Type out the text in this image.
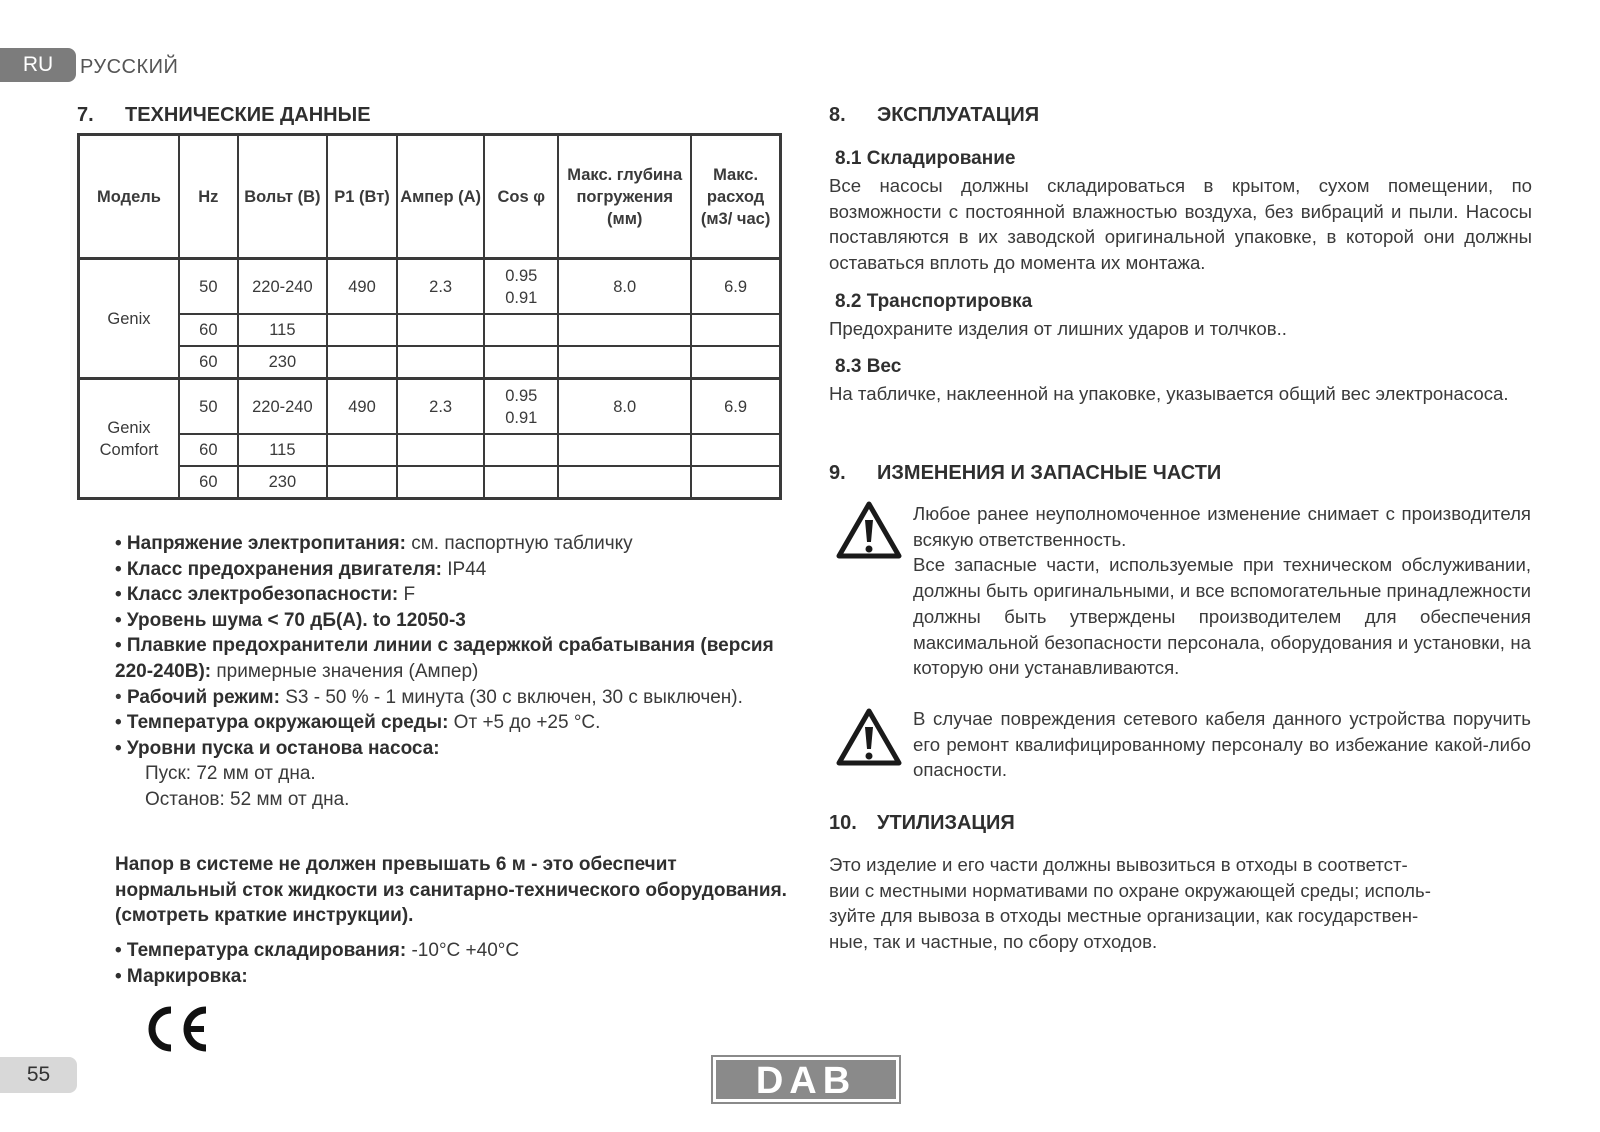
RU	РУССКИЙ
7. ТЕХНИЧЕСКИЕ ДАННЫЕ
Модель	Hz	Вольт (В)	P1 (Вт)	Ампер (А)	Cos φ	Макс. глубина погружения (мм)	Макс. расход (м3/ час)
Genix	50	220-240	490	2.3	0.95 0.91	8.0	6.9
	60	115					
	60	230					
Genix Comfort	50	220-240	490	2.3	0.95 0.91	8.0	6.9
	60	115					
	60	230					
• Напряжение электропитания: см. паспортную табличку
• Класс предохранения двигателя: IP44
• Класс электробезопасности: F
• Уровень шума < 70 дБ(А). to 12050-3
• Плавкие предохранители линии с задержкой срабатывания (версия 220-240В): примерные значения (Ампер)
• Рабочий режим: S3 - 50 % - 1 минута (30 с включен, 30 с выключен).
• Температура окружающей среды: От +5 до +25 °С.
• Уровни пуска и останова насоса:
Пуск: 72 мм от дна.
Останов: 52 мм от дна.
Напор в системе не должен превышать 6 м - это обеспечит нормальный сток жидкости из санитарно-технического оборудования. (смотреть краткие инструкции).
• Температура складирования: -10°С +40°С
• Маркировка:
8. ЭКСПЛУАТАЦИЯ
8.1 Складирование
Все насосы должны складироваться в крытом, сухом помещении, по возможности с постоянной влажностью воздуха, без вибраций и пыли. Насосы поставляются в их заводской оригинальной упаковке, в которой они должны оставаться вплоть до момента их монтажа.
8.2 Транспортировка
Предохраните изделия от лишних ударов и толчков..
8.3 Вес
На табличке, наклеенной на упаковке, указывается общий вес электронасоса.
9. ИЗМЕНЕНИЯ И ЗАПАСНЫЕ ЧАСТИ
Любое ранее неуполномоченное изменение снимает с производителя всякую ответственность.
Все запасные части, используемые при техническом обслуживании, должны быть оригинальными, и все вспомогательные принадлежности должны быть утверждены производителем для обеспечения максимальной безопасности персонала, оборудования и установки, на которую они устанавливаются.
В случае повреждения сетевого кабеля данного устройства поручить его ремонт квалифицированному персоналу во избежание какой-либо опасности.
10. УТИЛИЗАЦИЯ
Это изделие и его части должны вывозиться в отходы в соответст-
вии с местными нормативами по охране окружающей среды; исполь-
зуйте для вывоза в отходы местные организации, как государствен-
ные, так и частные, по сбору отходов.
55	DAB
